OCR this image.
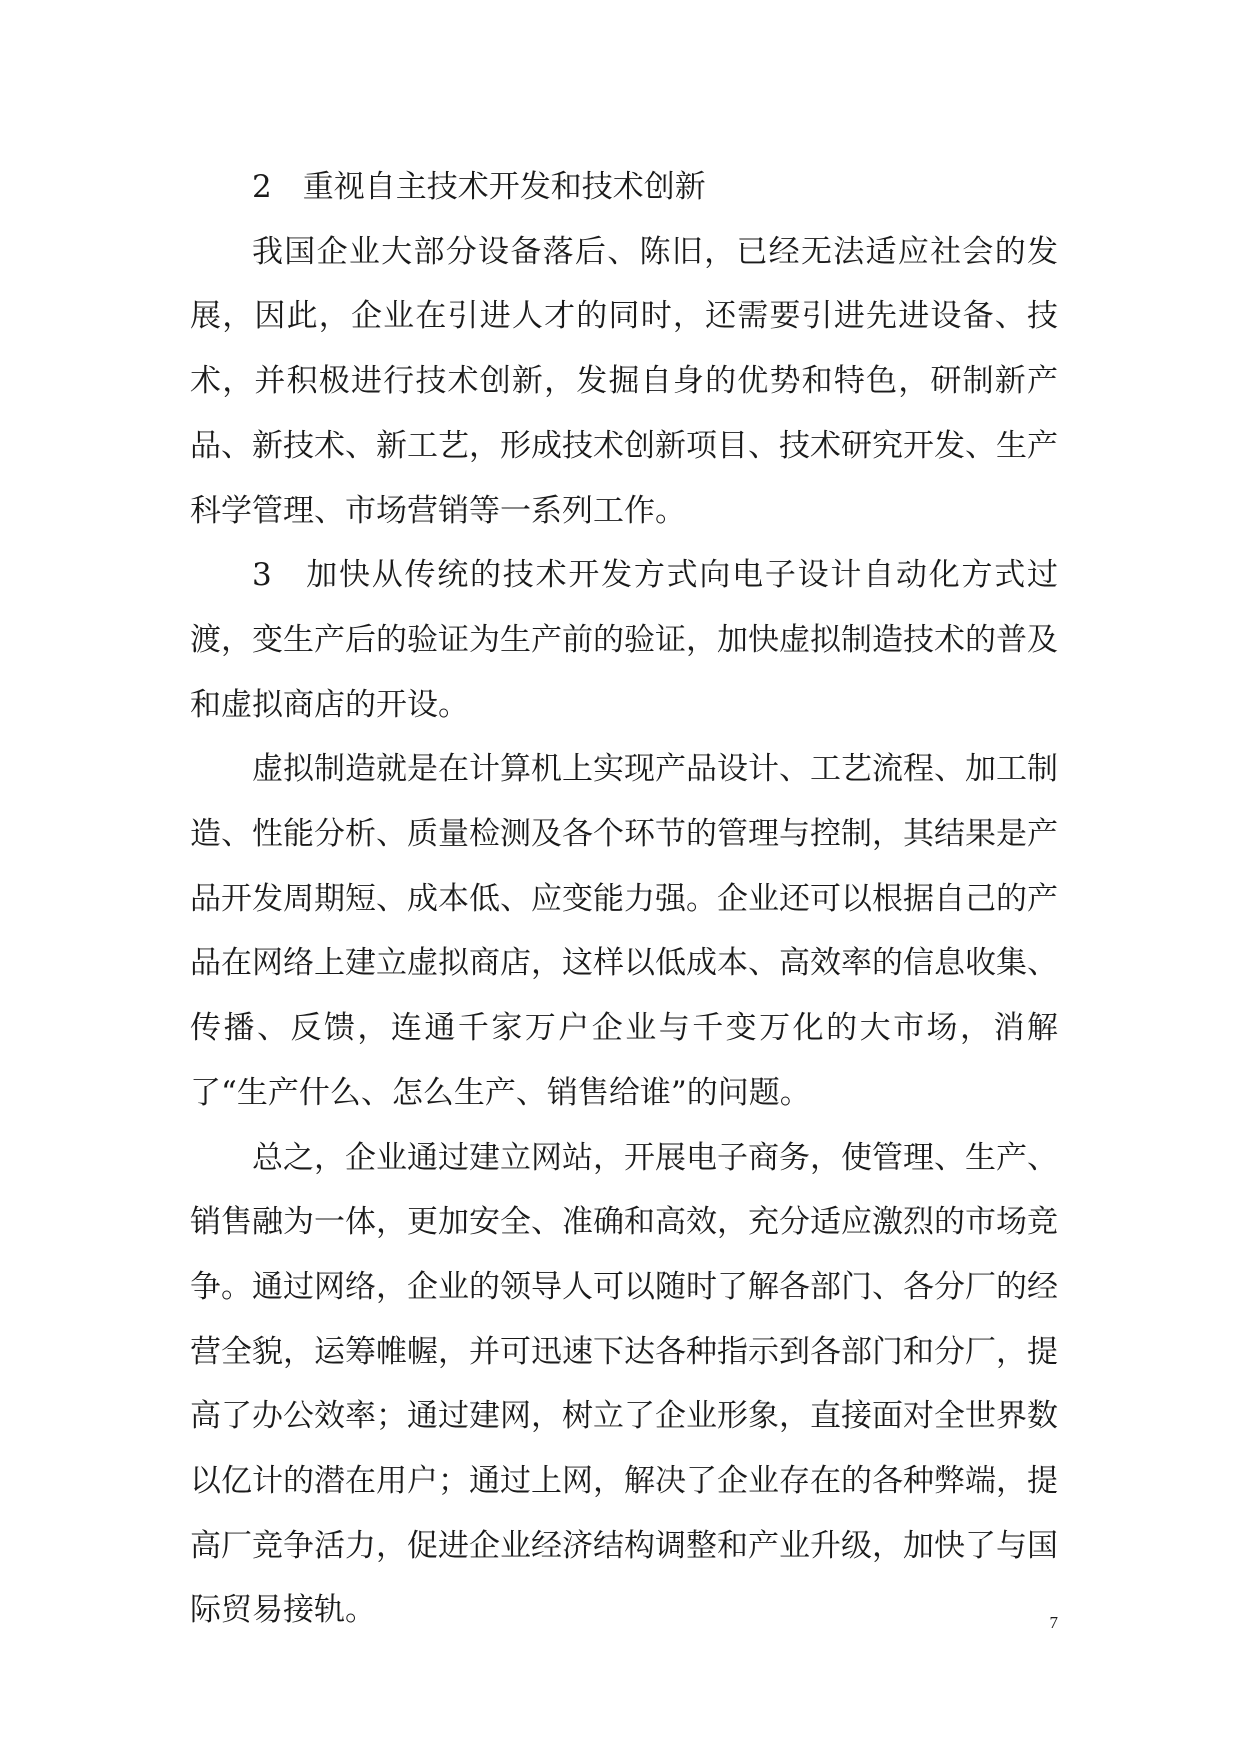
2　重视自主技术开发和技术创新

我国企业大部分设备落后、陈旧，已经无法适应社会的发展，因此，企业在引进人才的同时，还需要引进先进设备、技术，并积极进行技术创新，发掘自身的优势和特色，研制新产品、新技术、新工艺，形成技术创新项目、技术研究开发、生产科学管理、市场营销等一系列工作。

3　加快从传统的技术开发方式向电子设计自动化方式过渡，变生产后的验证为生产前的验证，加快虚拟制造技术的普及和虚拟商店的开设。

虚拟制造就是在计算机上实现产品设计、工艺流程、加工制造、性能分析、质量检测及各个环节的管理与控制，其结果是产品开发周期短、成本低、应变能力强。企业还可以根据自己的产品在网络上建立虚拟商店，这样以低成本、高效率的信息收集、传播、反馈，连通千家万户企业与千变万化的大市场，消解了“生产什么、怎么生产、销售给谁”的问题。

总之，企业通过建立网站，开展电子商务，使管理、生产、销售融为一体，更加安全、准确和高效，充分适应激烈的市场竞争。通过网络，企业的领导人可以随时了解各部门、各分厂的经营全貌，运筹帷幄，并可迅速下达各种指示到各部门和分厂，提高了办公效率；通过建网，树立了企业形象，直接面对全世界数以亿计的潜在用户；通过上网，解决了企业存在的各种弊端，提高厂竞争活力，促进企业经济结构调整和产业升级，加快了与国际贸易接轨。	7
